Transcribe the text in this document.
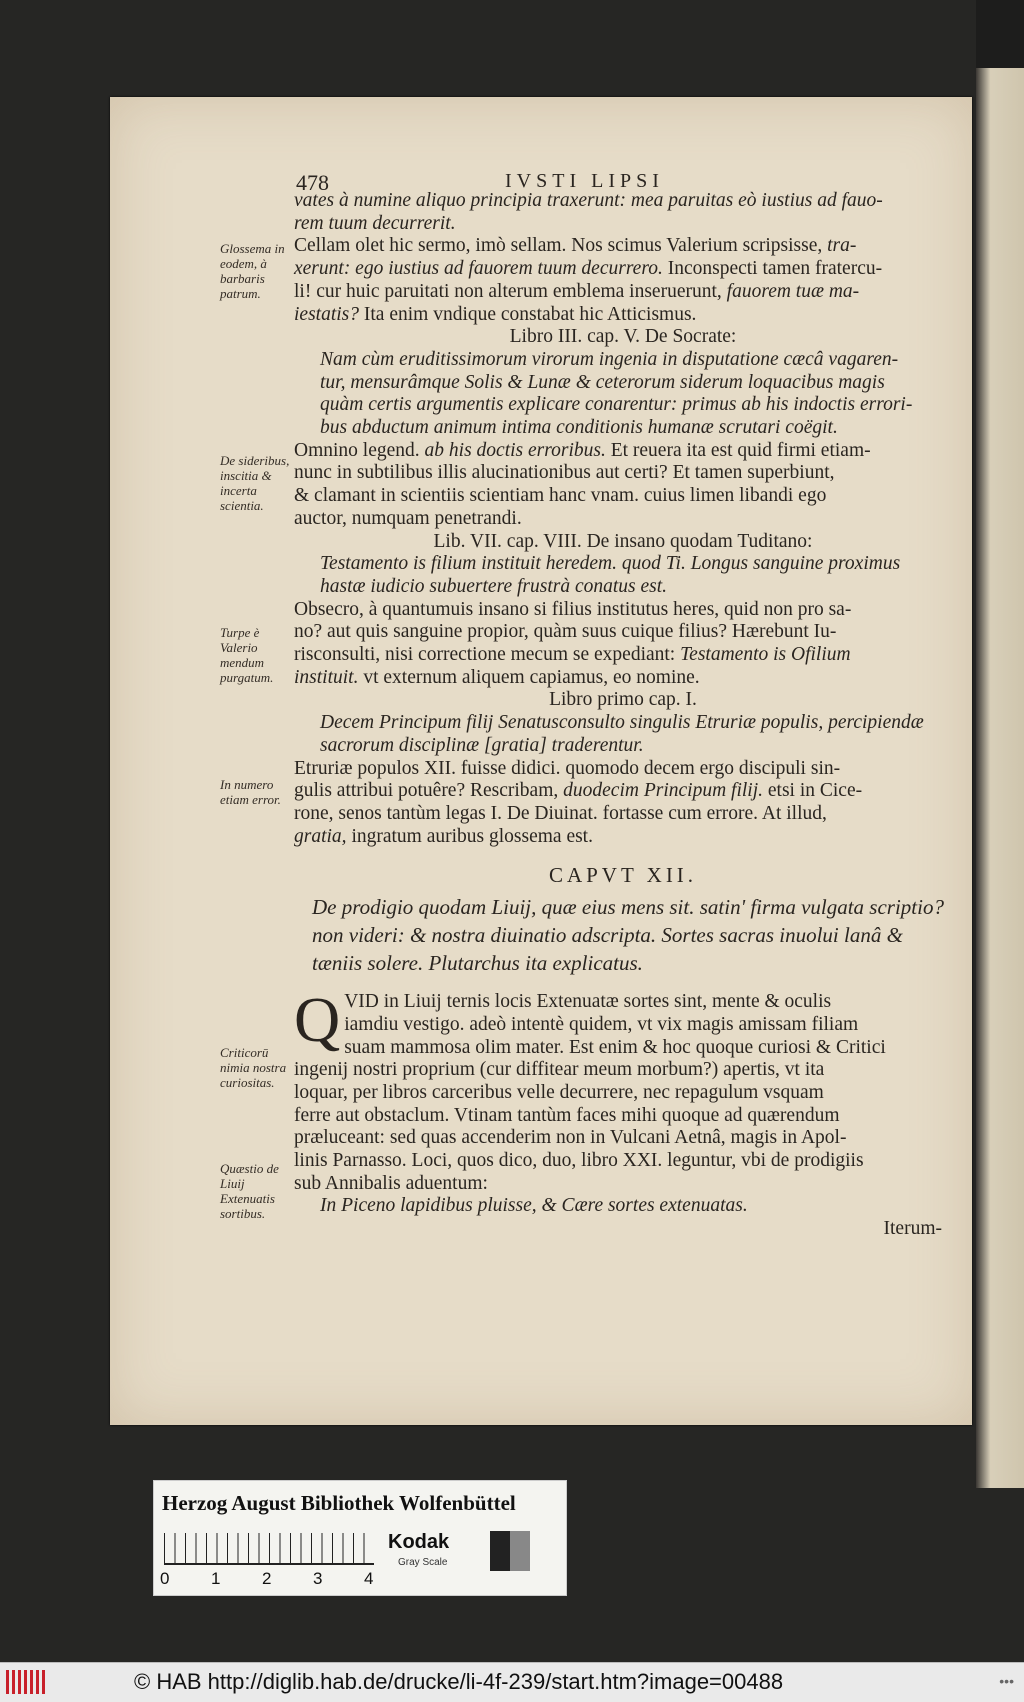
478	IVSTI LIPSI

vates à numine aliquo principia traxerunt: mea paruitas eò iustius ad fauo-

rem tuum decurrerit.

Cellam olet hic sermo, imò sellam. Nos scimus Valerium scripsisse, tra-

xerunt: ego iustius ad fauorem tuum decurrero. Inconspecti tamen fratercu-

li! cur huic paruitati non alterum emblema inseruerunt, fauorem tuæ ma-

iestatis? Ita enim vndique constabat hic Atticismus.

Libro III. cap. V. De Socrate:

Nam cùm eruditissimorum virorum ingenia in disputatione cæcâ vagaren-

tur, mensurâmque Solis & Lunæ & ceterorum siderum loquacibus magis

quàm certis argumentis explicare conarentur: primus ab his indoctis errori-

bus abductum animum intima conditionis humanæ scrutari coëgit.

Omnino legend. ab his doctis erroribus. Et reuera ita est quid firmi etiam-

nunc in subtilibus illis alucinationibus aut certi? Et tamen superbiunt,

& clamant in scientiis scientiam hanc vnam. cuius limen libandi ego

auctor, numquam penetrandi.

Lib. VII. cap. VIII. De insano quodam Tuditano:

Testamento is filium instituit heredem. quod Ti. Longus sanguine proximus

hastæ iudicio subuertere frustrà conatus est.

Obsecro, à quantumuis insano si filius institutus heres, quid non pro sa-

no? aut quis sanguine propior, quàm suus cuique filius? Hærebunt Iu-

risconsulti, nisi correctione mecum se expediant: Testamento is Ofilium

instituit. vt externum aliquem capiamus, eo nomine.

Libro primo cap. I.

Decem Principum filij Senatusconsulto singulis Etruriæ populis, percipiendæ

sacrorum disciplinæ [gratia] traderentur.

Etruriæ populos XII. fuisse didici. quomodo decem ergo discipuli sin-

gulis attribui potuêre? Rescribam, duodecim Principum filij. etsi in Cice-

rone, senos tantùm legas I. De Diuinat. fortasse cum errore. At illud,

gratia, ingratum auribus glossema est.

CAPVT XII.

De prodigio quodam Liuij, quæ eius mens sit. satin' firma vulgata scriptio? non videri: & nostra diuinatio adscripta. Sortes sacras inuolui lanâ & tæniis solere. Plutarchus ita explicatus.

QVID in Liuij ternis locis Extenuatæ sortes sint, mente & oculis

iamdiu vestigo. adeò intentè quidem, vt vix magis amissam filiam

suam mammosa olim mater. Est enim & hoc quoque curiosi & Critici

ingenij nostri proprium (cur diffitear meum morbum?) apertis, vt ita

loquar, per libros carceribus velle decurrere, nec repagulum vsquam

ferre aut obstaclum. Vtinam tantùm faces mihi quoque ad quærendum

præluceant: sed quas accenderim non in Vulcani Aetnâ, magis in Apol-

linis Parnasso. Loci, quos dico, duo, libro XXI. leguntur, vbi de prodigiis

sub Annibalis aduentum:

In Piceno lapidibus pluisse, & Cære sortes extenuatas.

Iterum-

Glossema in eodem, à barbaris patrum.
De sideribus, inscitia & incerta scientia.
Turpe è Valerio mendum purgatum.
In numero etiam error.
Criticorū nimia nostra curiositas.
Quæstio de Liuij Extenuatis sortibus.
Herzog August Bibliothek Wolfenbüttel
0 1 2 3 4
Kodak
Gray Scale
© HAB http://diglib.hab.de/drucke/li-4f-239/start.htm?image=00488	•••
